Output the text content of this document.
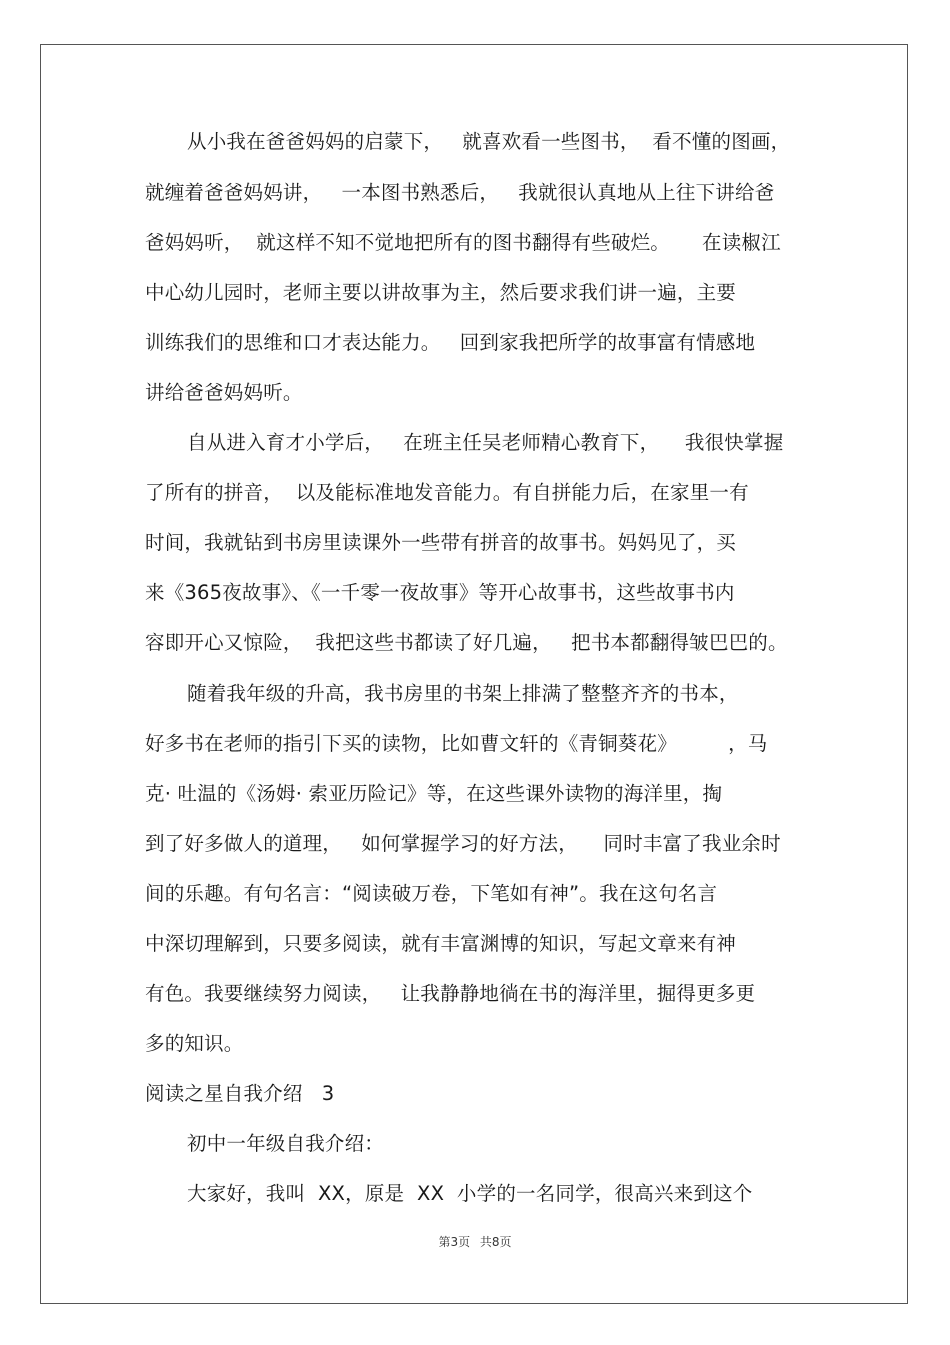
从小我在爸爸妈妈的启蒙下，   就喜欢看一些图书，  看不懂的图画，
就缠着爸爸妈妈讲，   一本图书熟悉后，   我就很认真地从上往下讲给爸
爸妈妈听，  就这样不知不觉地把所有的图书翻得有些破烂。     在读椒江
中心幼儿园时，老师主要以讲故事为主，然后要求我们讲一遍，主要
训练我们的思维和口才表达能力。   回到家我把所学的故事富有情感地
讲给爸爸妈妈听。
自从进入育才小学后，   在班主任吴老师精心教育下，    我很快掌握
了所有的拼音，  以及能标准地发音能力。有自拼能力后，在家里一有
时间，我就钻到书房里读课外一些带有拼音的故事书。妈妈见了，买
来《365夜故事》、《一千零一夜故事》等开心故事书，这些故事书内
容即开心又惊险，  我把这些书都读了好几遍，   把书本都翻得皱巴巴的。
随着我年级的升高，我书房里的书架上排满了整整齐齐的书本，
好多书在老师的指引下买的读物，比如曹文轩的《青铜葵花》        ，马
克· 吐温的《汤姆· 索亚历险记》等，在这些课外读物的海洋里，掏
到了好多做人的道理，   如何掌握学习的好方法，    同时丰富了我业余时
间的乐趣。有句名言：“阅读破万卷，下笔如有神”。我在这句名言
中深切理解到，只要多阅读，就有丰富渊博的知识，写起文章来有神
有色。我要继续努力阅读，   让我静静地徜在书的海洋里，掘得更多更
多的知识。
阅读之星自我介绍   3
初中一年级自我介绍：
大家好，我叫  XX，原是  XX  小学的一名同学，很高兴来到这个
第3页 共8页
